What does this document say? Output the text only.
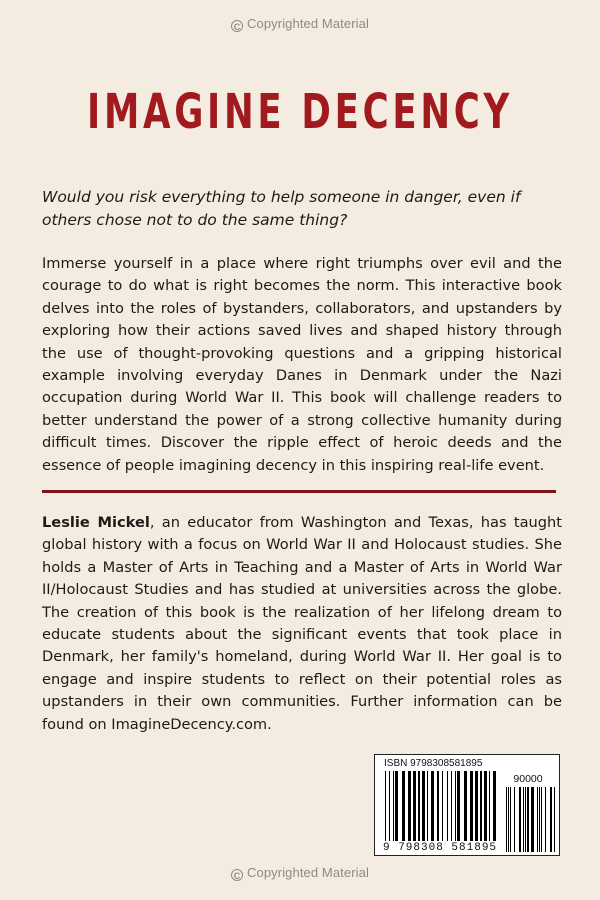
C Copyrighted Material
IMAGINE DECENCY
Would you risk everything to help someone in danger, even if others chose not to do the same thing?
Immerse yourself in a place where right triumphs over evil and the courage to do what is right becomes the norm. This interactive book delves into the roles of bystanders, collaborators, and upstanders by exploring how their actions saved lives and shaped history through the use of thought-provoking questions and a gripping historical example involving everyday Danes in Denmark under the Nazi occupation during World War II. This book will challenge readers to better understand the power of a strong collective humanity during difficult times. Discover the ripple effect of heroic deeds and the essence of people imagining decency in this inspiring real-life event.
Leslie Mickel, an educator from Washington and Texas, has taught global history with a focus on World War II and Holocaust studies. She holds a Master of Arts in Teaching and a Master of Arts in World War II/Holocaust Studies and has studied at universities across the globe. The creation of this book is the realization of her lifelong dream to educate students about the significant events that took place in Denmark, her family's homeland, during World War II. Her goal is to engage and inspire students to reflect on their potential roles as upstanders in their own communities. Further information can be found on ImagineDecency.com.
ISBN 9798308581895
90000
9 798308 581895
C Copyrighted Material
